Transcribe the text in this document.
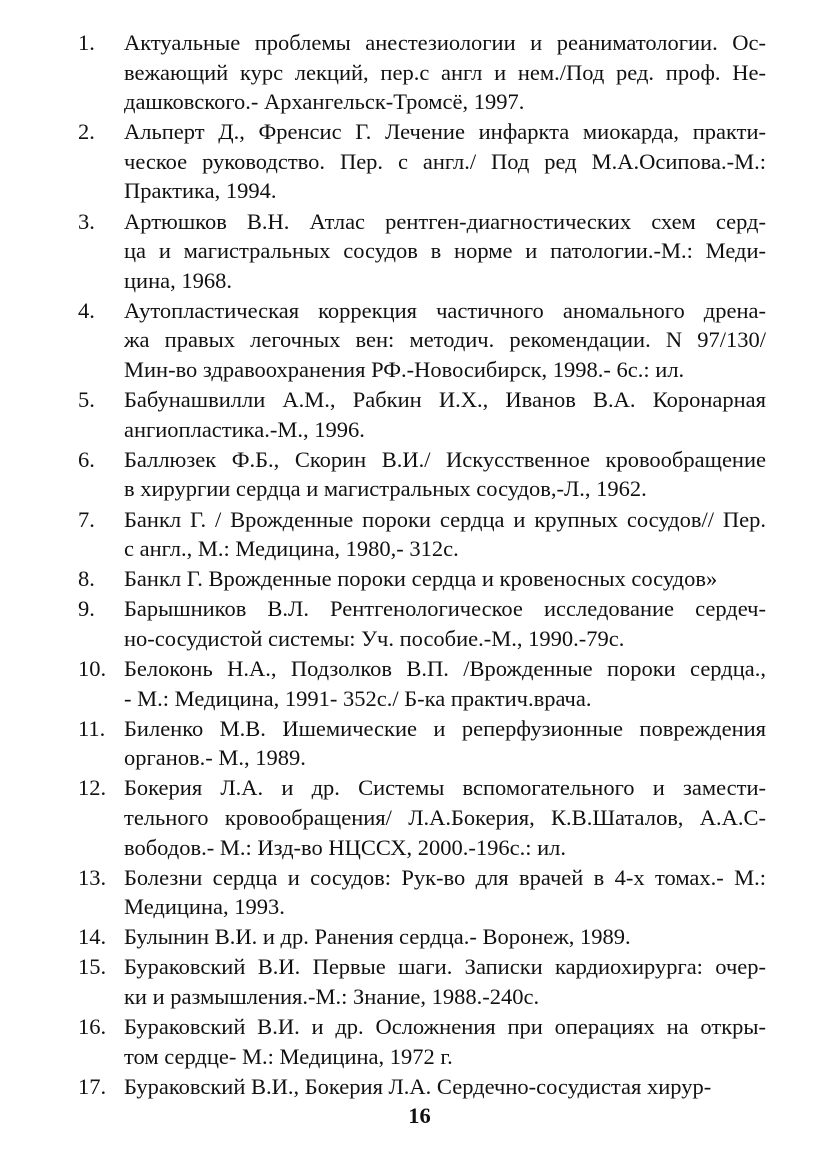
1.	Актуальные проблемы анестезиологии и реаниматологии. Ос-
вежающий курс лекций, пер.с англ и нем./Под ред. проф. Не-
дашковского.- Архангельск-Тромсё, 1997.
2.	Альперт Д., Френсис Г. Лечение инфаркта миокарда, практи-
ческое руководство. Пер. с англ./ Под ред М.А.Осипова.-М.:
Практика, 1994.
3.	Артюшков В.Н. Атлас рентген-диагностических схем серд-
ца и магистральных сосудов в норме и патологии.-М.: Меди-
цина, 1968.
4.	Аутопластическая коррекция частичного аномального дрена-
жа правых легочных вен: методич. рекомендации. N 97/130/
Мин-во здравоохранения РФ.-Новосибирск, 1998.- 6с.: ил.
5.	Бабунашвилли А.М., Рабкин И.Х., Иванов В.А. Коронарная
ангиопластика.-М., 1996.
6.	Баллюзек Ф.Б., Скорин В.И./ Искусственное кровообращение
в хирургии сердца и магистральных сосудов,-Л., 1962.
7.	Банкл Г. / Врожденные пороки сердца и крупных сосудов// Пер.
с англ., М.: Медицина, 1980,- 312с.
8.	Банкл Г. Врожденные пороки сердца и кровеносных сосудов»
9.	Барышников В.Л. Рентгенологическое исследование сердеч-
но-сосудистой системы: Уч. пособие.-М., 1990.-79с.
10. Белоконь Н.А., Подзолков В.П. /Врожденные пороки сердца.,
- М.: Медицина, 1991- 352с./ Б-ка практич.врача.
11. Биленко М.В. Ишемические и реперфузионные повреждения
органов.- М., 1989.
12. Бокерия Л.А. и др. Системы вспомогательного и замести-
тельного кровообращения/ Л.А.Бокерия, К.В.Шаталов, А.А.С-
вободов.- М.: Изд-во НЦССХ, 2000.-196с.: ил.
13. Болезни сердца и сосудов: Рук-во для врачей в 4-х томах.- М.:
Медицина, 1993.
14. Булынин В.И. и др. Ранения сердца.- Воронеж, 1989.
15. Бураковский В.И. Первые шаги. Записки кардиохирурга: очер-
ки и размышления.-М.: Знание, 1988.-240с.
16. Бураковский В.И. и др. Осложнения при операциях на откры-
том сердце- М.: Медицина, 1972 г.
17. Бураковский В.И., Бокерия Л.А. Сердечно-сосудистая хирур-
16
